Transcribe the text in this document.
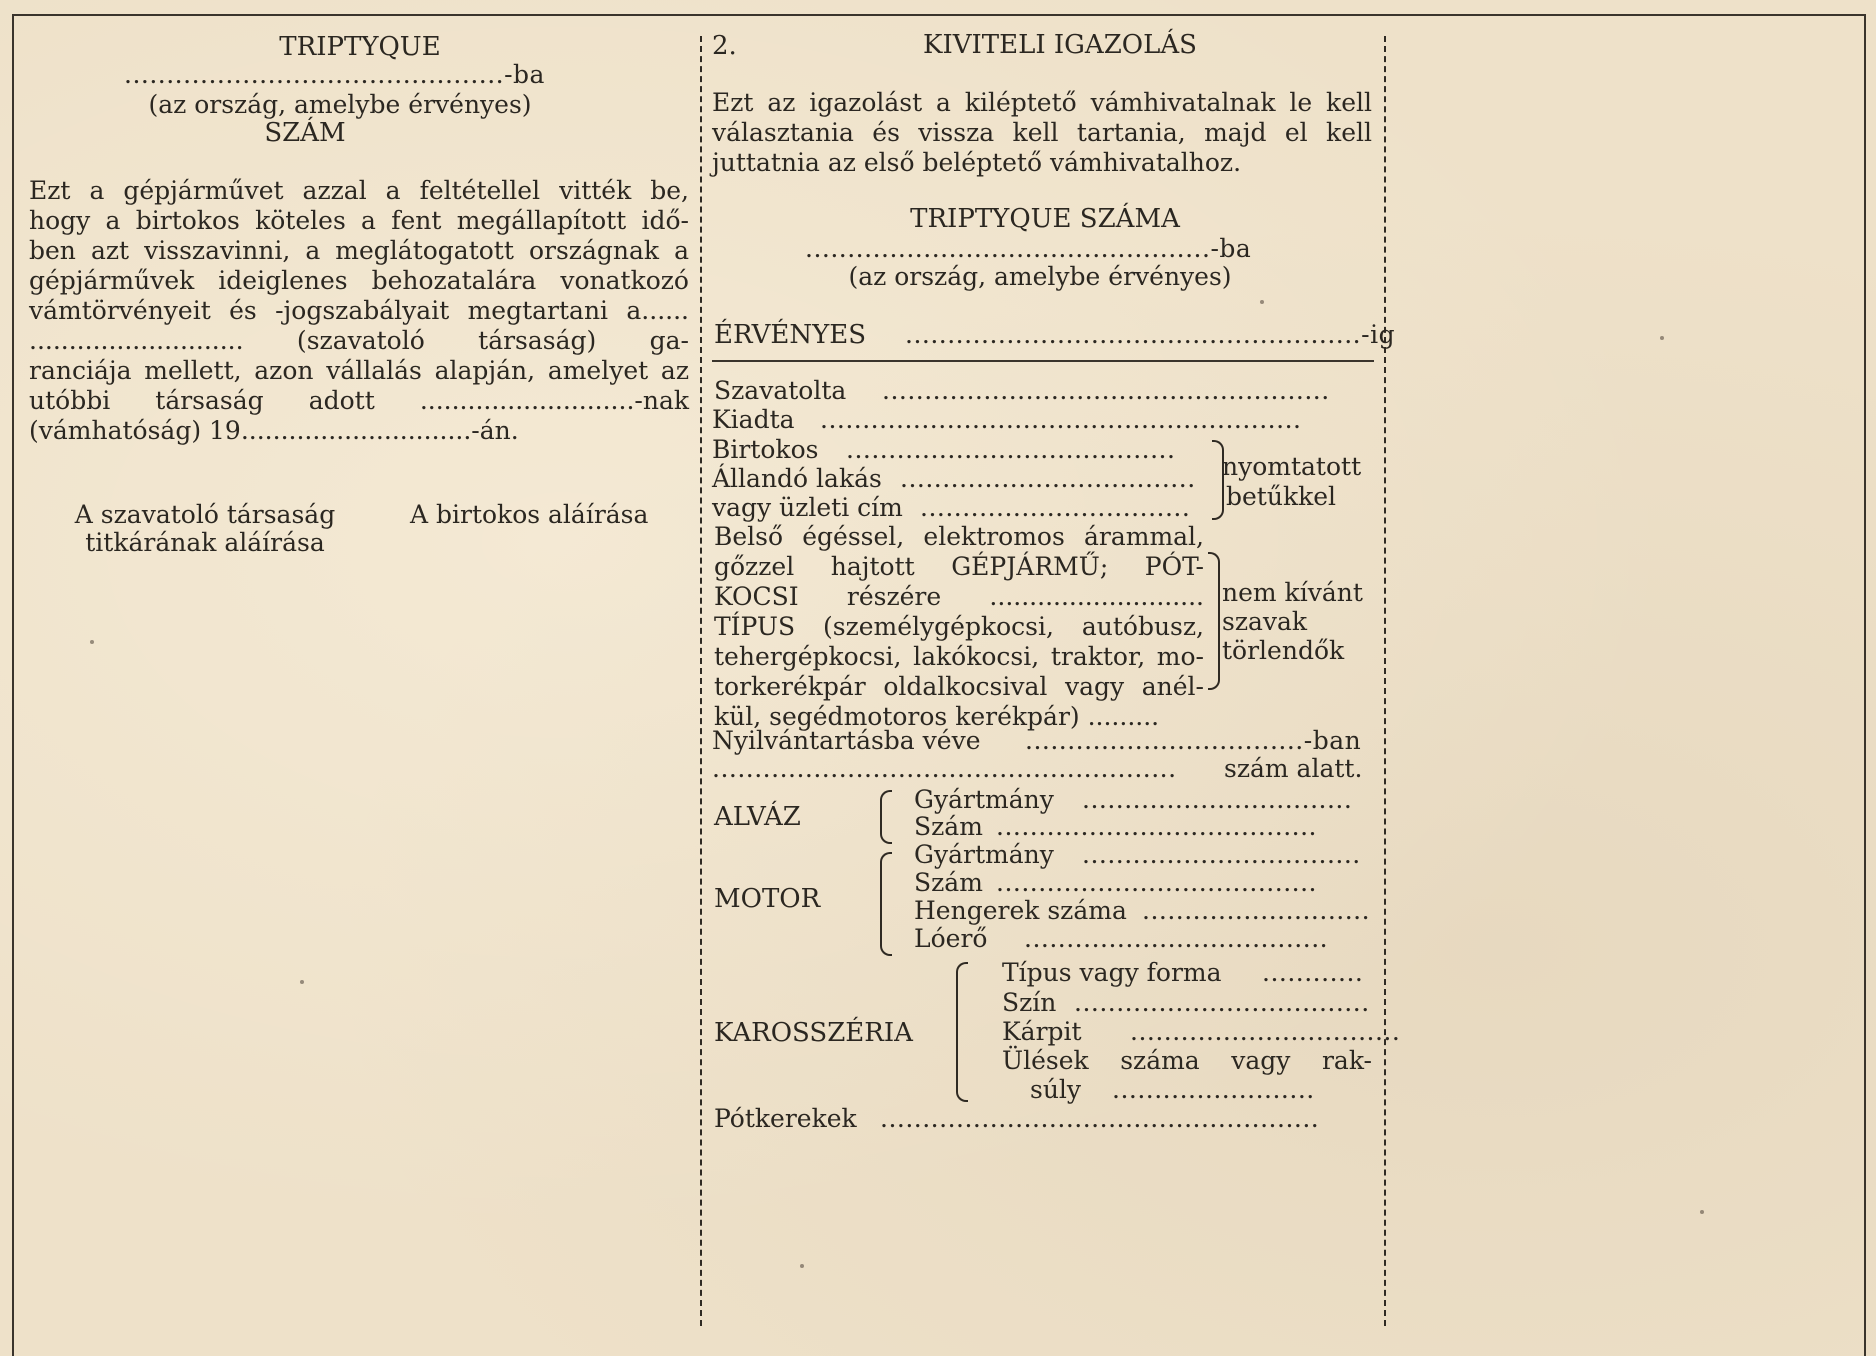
TRIPTYQUE
.............................................-ba
(az ország, amelybe érvényes)
SZÁM
Ezt a gépjárművet azzal a feltétellel vitték be,
hogy a birtokos köteles a fent megállapított idő-
ben azt visszavinni, a meglátogatott országnak a
gépjárművek ideiglenes behozatalára vonatkozó
vámtörvényeit és -jogszabályait megtartani a......
........................... (szavatoló társaság) ga-
ranciája mellett, azon vállalás alapján, amelyet az
utóbbi társaság adott ...........................-nak
(vámhatóság) 19.............................-án.
A szavatoló társaság
titkárának aláírása
A birtokos aláírása
2.	KIVITELI IGAZOLÁS
Ezt az igazolást a kiléptető vámhivatalnak le kell
választania és vissza kell tartania, majd el kell
juttatnia az első beléptető vámhivatalhoz.
TRIPTYQUE SZÁMA
................................................-ba
(az ország, amelybe érvényes)
ÉRVÉNYES ......................................................-ig
Szavatolta .....................................................
Kiadta .........................................................
Birtokos .......................................
Állandó lakás ...................................
vagy üzleti cím ................................
nyomtatott
betűkkel
Belső égéssel, elektromos árammal,
gőzzel hajtott GÉPJÁRMŰ; PÓT-
KOCSI részére ...........................
TÍPUS (személygépkocsi, autóbusz,
tehergépkocsi, lakókocsi, traktor, mo-
torkerékpár oldalkocsival vagy anél-
kül, segédmotoros kerékpár) .........
nem kívánt
szavak
törlendők
Nyilvántartásba véve .................................-ban
....................................................... szám alatt.
ALVÁZ
Gyártmány ................................
Szám ......................................
MOTOR
Gyártmány .................................
Szám ......................................
Hengerek száma ...........................
Lóerő ....................................
KAROSSZÉRIA
Típus vagy forma ............
Szín ...................................
Kárpit ................................
Ülések száma vagy rak-
súly ........................
Pótkerekek ....................................................
